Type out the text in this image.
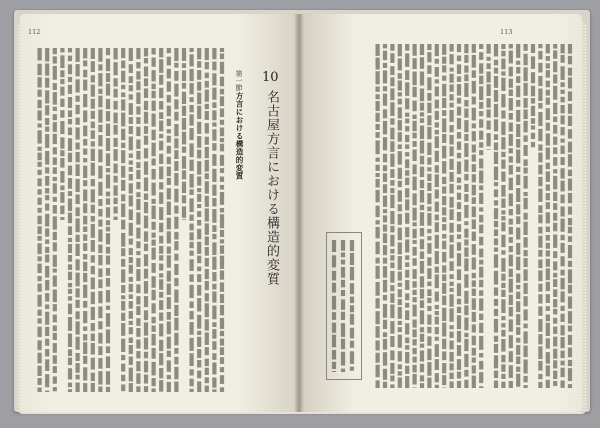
112	113
10
名古屋方言における構造的変質
第一節
方言における構造的変質
